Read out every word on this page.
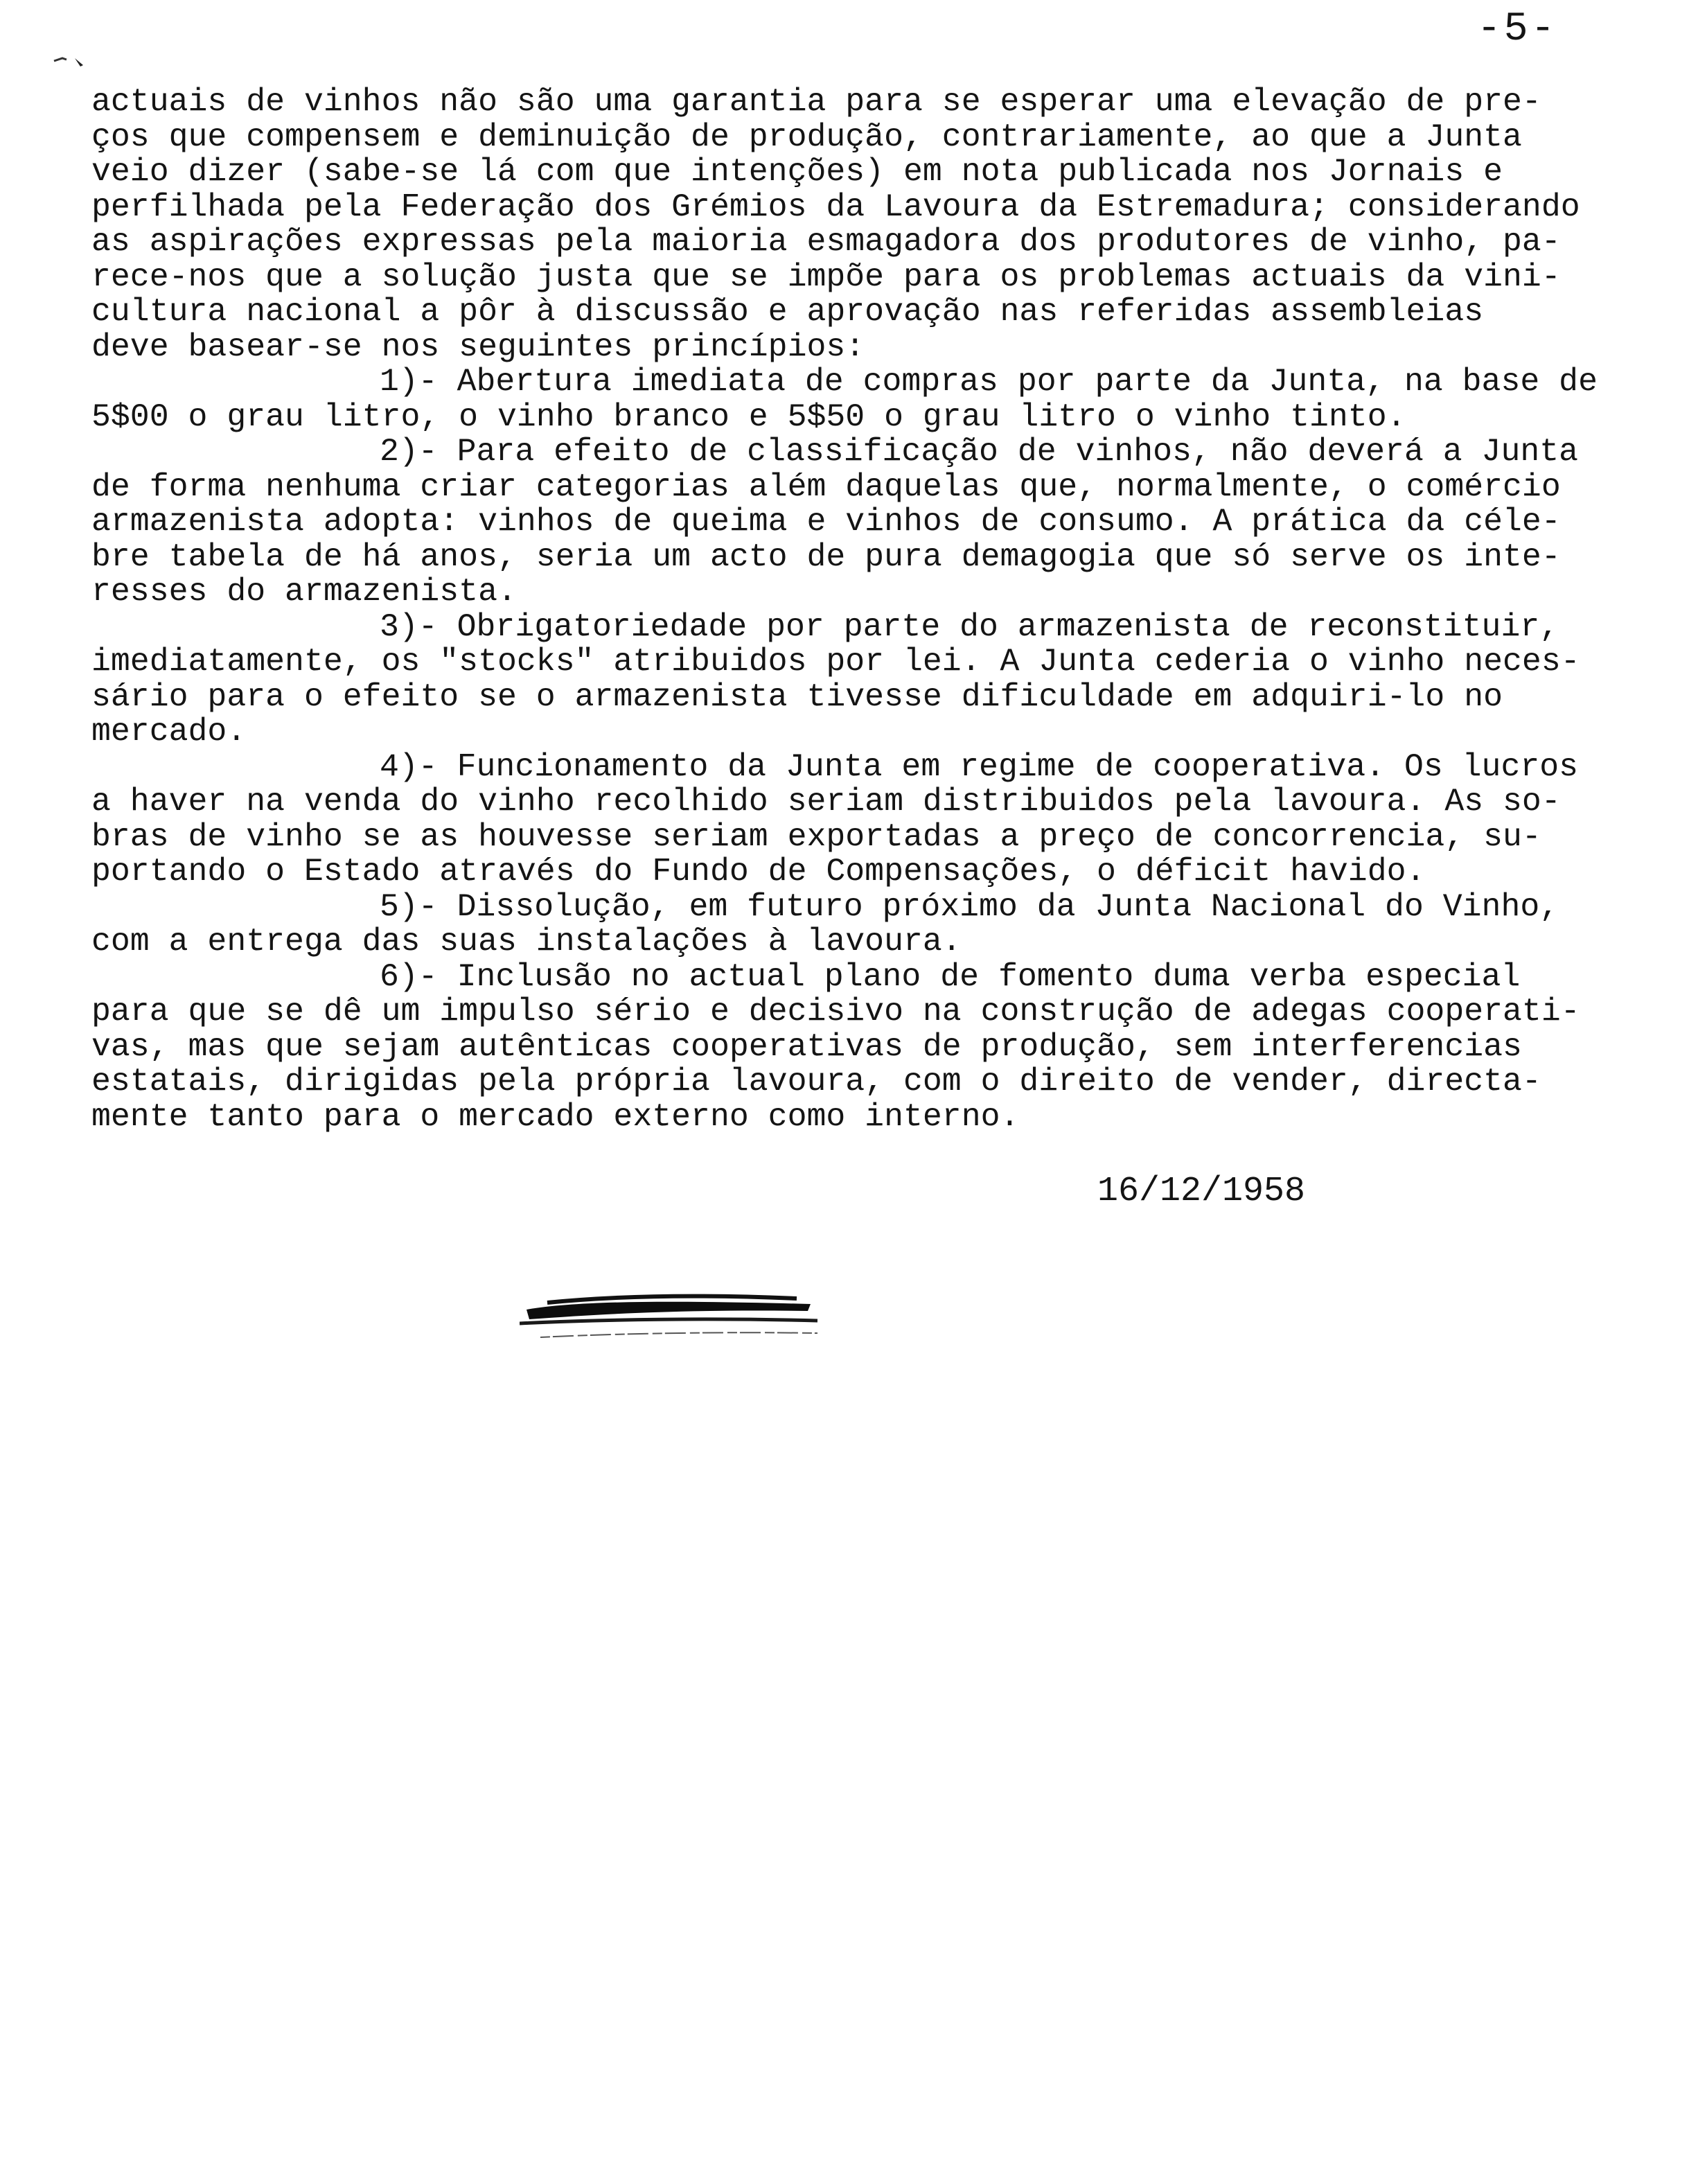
-5-
actuais de vinhos não são uma garantia para se esperar uma elevação de pre-
ços que compensem e deminuição de produção, contrariamente, ao que a Junta
veio dizer (sabe-se lá com que intenções) em nota publicada nos Jornais e
perfilhada pela Federação dos Grémios da Lavoura da Estremadura; considerando
as aspirações expressas pela maioria esmagadora dos produtores de vinho, pa-
rece-nos que a solução justa que se impõe para os problemas actuais da vini-
cultura nacional a pôr à discussão e aprovação nas referidas assembleias
deve basear-se nos seguintes princípios:
1)- Abertura imediata de compras por parte da Junta, na base de
5$00 o grau litro, o vinho branco e 5$50 o grau litro o vinho tinto.
2)- Para efeito de classificação de vinhos, não deverá a Junta
de forma nenhuma criar categorias além daquelas que, normalmente, o comércio
armazenista adopta: vinhos de queima e vinhos de consumo. A prática da céle-
bre tabela de há anos, seria um acto de pura demagogia que só serve os inte-
resses do armazenista.
3)- Obrigatoriedade por parte do armazenista de reconstituir,
imediatamente, os "stocks" atribuidos por lei. A Junta cederia o vinho neces-
sário para o efeito se o armazenista tivesse dificuldade em adquiri-lo no
mercado.
4)- Funcionamento da Junta em regime de cooperativa. Os lucros
a haver na venda do vinho recolhido seriam distribuidos pela lavoura. As so-
bras de vinho se as houvesse seriam exportadas a preço de concorrencia, su-
portando o Estado através do Fundo de Compensações, o déficit havido.
5)- Dissolução, em futuro próximo da Junta Nacional do Vinho,
com a entrega das suas instalações à lavoura.
6)- Inclusão no actual plano de fomento duma verba especial
para que se dê um impulso sério e decisivo na construção de adegas cooperati-
vas, mas que sejam autênticas cooperativas de produção, sem interferencias
estatais, dirigidas pela própria lavoura, com o direito de vender, directa-
mente tanto para o mercado externo como interno.
16/12/1958
